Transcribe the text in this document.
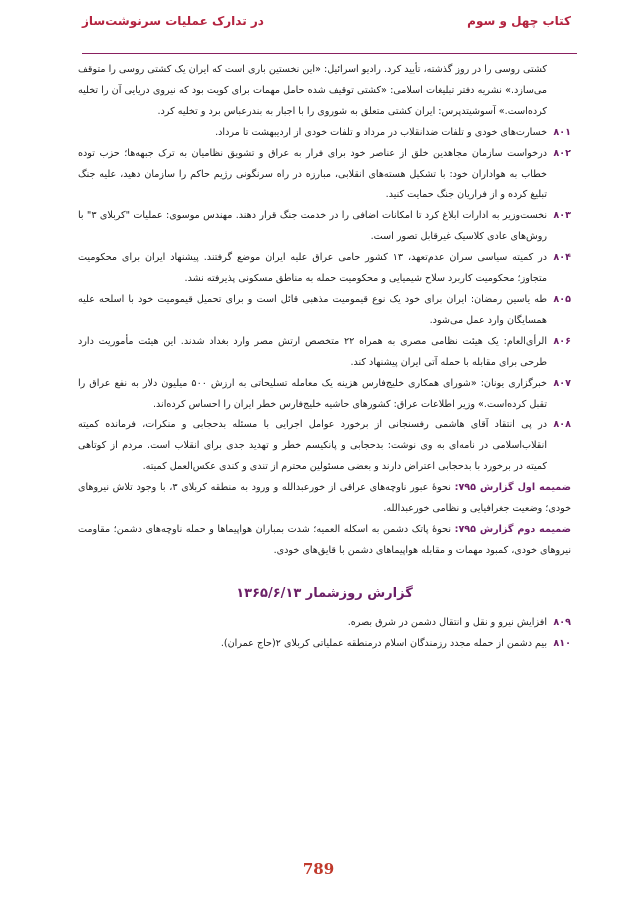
کتاب چهل و سوم
در تدارک عملیات سرنوشت‌ساز

کشتی روسی را در روز گذشته، تأیید کرد. رادیو اسرائیل: «این نخستین باری است که ایران یک کشتی روسی را متوقف می‌سازد.» نشریه دفتر تبلیغات اسلامی: «کشتی توقیف شده حامل مهمات برای کویت بود که نیروی دریایی آن را تخلیه کرده‌است.» آسوشیتدپرس: ایران کشتی متعلق به شوروی را با اجبار به بندرعباس برد و تخلیه کرد.

۸۰۱
خسارت‌های خودی و تلفات ضدانقلاب در مرداد و تلفات خودی از اردیبهشت تا مرداد.
۸۰۲
درخواست سازمان مجاهدین خلق از عناصر خود برای فرار به عراق و تشویق نظامیان به ترک جبهه‌ها؛ حزب توده خطاب به هواداران خود: با تشکیل هسته‌های انقلابی، مبارزه در راه سرنگونی رژیم حاکم را سازمان دهید، علیه جنگ تبلیغ کرده و از فراریان جنگ حمایت کنید.
۸۰۳
نخست‌وزیر به ادارات ابلاغ کرد تا امکانات اضافی را در خدمت جنگ قرار دهند. مهندس موسوی: عملیات "کربلای ۳" با روش‌های عادی کلاسیک غیرقابل تصور است.
۸۰۴
در کمیته سیاسی سران عدم‌تعهد، ۱۳ کشور حامی عراق علیه ایران موضع گرفتند. پیشنهاد ایران برای محکومیت متجاوز؛ محکومیت کاربرد سلاح شیمیایی و محکومیت حمله به مناطق مسکونی پذیرفته نشد.
۸۰۵
طه یاسین رمضان: ایران برای خود یک نوع قیمومیت مذهبی قائل است و برای تحمیل قیمومیت خود با اسلحه علیه همسایگان وارد عمل می‌شود.
۸۰۶
الرأی‌العام: یک هیئت نظامی مصری به همراه ۲۲ متخصص ارتش مصر وارد بغداد شدند. این هیئت مأموریت دارد طرحی برای مقابله با حمله آتی ایران پیشنهاد کند.
۸۰۷
خبرگزاری یونان: «شورای همکاری خلیج‌فارس هزینه یک معامله تسلیحاتی به ارزش ۵۰۰ میلیون دلار به نفع عراق را تقبل کرده‌است.» وزیر اطلاعات عراق: کشورهای حاشیه خلیج‌فارس خطر ایران را احساس کرده‌اند.
۸۰۸
در پی انتقاد آقای هاشمی رفسنجانی از برخورد عوامل اجرایی با مسئله بدحجابی و منکرات، فرمانده کمیته انقلاب‌اسلامی در نامه‌ای به وی نوشت: بدحجابی و پانکیسم خطر و تهدید جدی برای انقلاب است. مردم از کوتاهی کمیته در برخورد با بدحجابی اعتراض دارند و بعضی مسئولین محترم از تندی و کندی عکس‌العمل کمیته.

ضمیمه اول گزارش ۷۹۵: نحوهٔ عبور ناوچه‌های عراقی از خورعبدالله و ورود به منطقه کربلای ۳، با وجود تلاش نیروهای خودی؛ وضعیت جغرافیایی و نظامی خورعبدالله.

ضمیمه دوم گزارش ۷۹۵: نحوهٔ پاتک دشمن به اسکله العمیه؛ شدت بمباران هواپیماها و حمله ناوچه‌های دشمن؛ مقاومت نیروهای خودی، کمبود مهمات و مقابله هواپیماهای دشمن با قایق‌های خودی.

گزارش روزشمار ۱۳۶۵/۶/۱۳
۸۰۹
افزایش نیرو و نقل و انتقال دشمن در شرق بصره.
۸۱۰
بیم دشمن از حمله مجدد رزمندگان اسلام درمنطقه عملیاتی کربلای ۲(حاج عمران).
789
